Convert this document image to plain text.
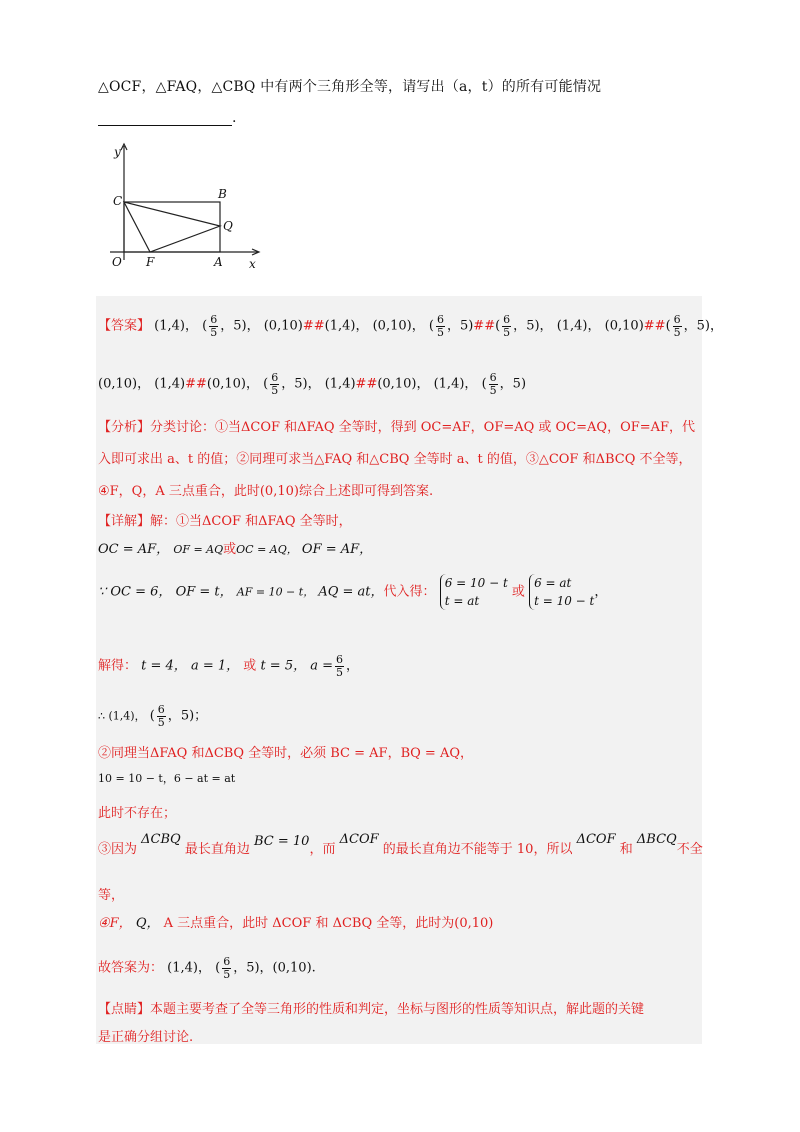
△OCF，△FAQ，△CBQ 中有两个三角形全等，请写出（a，t）的所有可能情况
.
y
x
O
C	B
Q
F	A
【答案】 (1,4)， ( $\frac{6}{5}$ ，5)， (0,10)##(1,4)， (0,10)， ( $\frac{6}{5}$ ，5)##( $\frac{6}{5}$ ，5)， (1,4)， (0,10)##( $\frac{6}{5}$ ，5)，
(0,10)， (1,4)##(0,10)， ( $\frac{6}{5}$ ，5)， (1,4)##(0,10)， (1,4)， ( $\frac{6}{5}$ ，5)
【分析】分类讨论：①当ΔCOF 和ΔFAQ 全等时，得到 OC=AF，OF=AQ 或 OC=AQ，OF=AF，代
入即可求出 a、t 的值；②同理可求当△FAQ 和△CBQ 全等时 a、t 的值，③△COF 和ΔBCQ 不全等，
④F，Q，A 三点重合，此时(0,10)综合上述即可得到答案.
【详解】解：①当ΔCOF 和ΔFAQ 全等时，
OC = AF， OF = AQ或OC = AQ， OF = AF，
∵ OC = 6， OF = t， AF = 10 − t， AQ = at，代入得： 6 = 10 − t
t = at 或 6 = at
t = 10 − t，
解得： t = 4， a = 1， 或 t = 5， $a = \frac{6}{5}$ ，
∴ (1,4)， ( $\frac{6}{5}$ ，5)；
②同理当ΔFAQ 和ΔCBQ 全等时，必须 BC = AF，BQ = AQ，
10 = 10 − t，6 − at = at
此时不存在；
③因为 ΔCBQ 最长直角边 BC = 10，而 ΔCOF 的最长直角边不能等于 10，所以 ΔCOF 和 ΔBCQ不全
等，
④F， Q， A 三点重合，此时 ΔCOF 和 ΔCBQ 全等，此时为(0,10)
故答案为： (1,4)， ( $\frac{6}{5}$ ，5)，(0,10).
【点睛】本题主要考查了全等三角形的性质和判定，坐标与图形的性质等知识点，解此题的关键
是正确分组讨论.
